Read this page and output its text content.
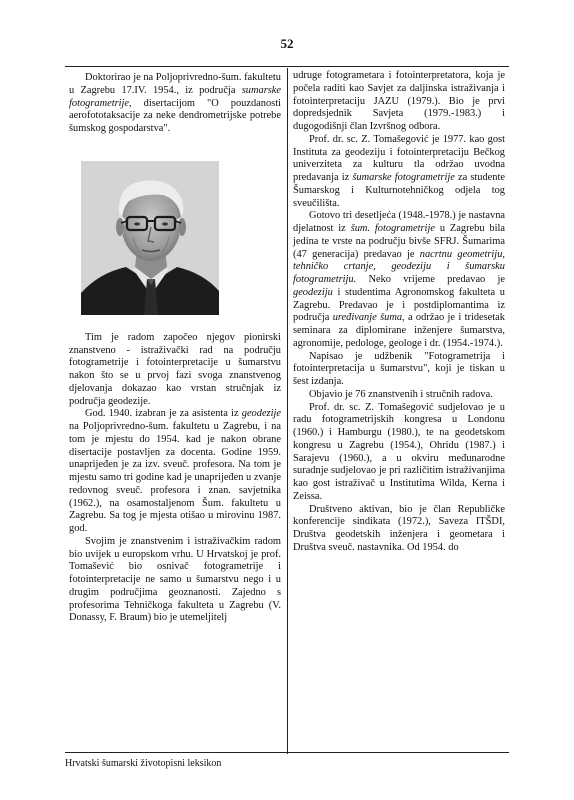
52

Doktorirao je na Poljoprivredno-šum. fakultetu u Zagrebu 17.IV. 1954., iz područja sumarske fotogrametrije, disertacijom "O pouzdanosti aerofototaksacije za neke dendrometrijske potrebe šumskog gospodarstva".

Tim je radom započeo njegov pionirski znanstveno - istraživački rad na području fotogrametrije i fotointerpretacije u šumarstvu nakon što se u prvoj fazi svoga znanstvenog djelovanja dokazao kao vrstan stručnjak iz područja geodezije.

God. 1940. izabran je za asistenta iz geodezije na Poljoprivredno-šum. fakultetu u Zagrebu, i na tom je mjestu do 1954. kad je nakon obrane disertacije postavljen za docenta. Godine 1959. unaprijeđen je za izv. sveuč. profesora. Na tom je mjestu samo tri godine kad je unaprijeđen u zvanje redovnog sveuč. profesora i znan. savjetnika (1962.), na osamostaljenom Šum. fakultetu u Zagrebu. Sa tog je mjesta otišao u mirovinu 1987. god.

Svojim je znanstvenim i istraživačkim radom bio uvijek u europskom vrhu. U Hrvatskoj je prof. Tomašević bio osnivač fotogrametrije i fotointerpretacije ne samo u šumarstvu nego i u drugim područjima geoznanosti. Zajedno s profesorima Tehničkoga fakulteta u Zagrebu (V. Donassy, F. Braum) bio je utemeljitelj

udruge fotogrametara i fotointerpretatora, koja je počela raditi kao Savjet za daljinska istraživanja i fotointerpretaciju JAZU (1979.). Bio je prvi dopredsjednik Savjeta (1979.-1983.) i dugogodišnji član Izvršnog odbora.

Prof. dr. sc. Z. Tomašegović je 1977. kao gost Instituta za geodeziju i fotointerpretaciju Bečkog univerziteta za kulturu tla održao uvodna predavanja iz šumarske fotogrametrije za studente Šumarskog i Kulturnotehničkog odjela tog sveučilišta.

Gotovo tri desetljeća (1948.-1978.) je nastavna djelatnost iz šum. fotogrametrije u Zagrebu bila jedina te vrste na području bivše SFRJ. Šumarima (47 generacija) predavao je nacrtnu geometriju, tehničko crtanje, geodeziju i šumarsku fotogrametriju. Neko vrijeme predavao je geodeziju i studentima Agronomskog fakulteta u Zagrebu. Predavao je i postdiplomantima iz područja uređivanje šuma, a održao je i tridesetak seminara za diplomirane inženjere šumarstva, agronomije, pedologe, geologe i dr. (1954.-1974.).

Napisao je udžbenik "Fotogrametrija i fotointerpretacija u šumarstvu", koji je tiskan u šest izdanja.

Objavio je 76 znanstvenih i stručnih radova.

Prof. dr. sc. Z. Tomašegović sudjelovao je u radu fotogrametrijskih kongresa u Londonu (1960.) i Hamburgu (1980.), te na geodetskom kongresu u Zagrebu (1954.), Ohridu (1987.) i Sarajevu (1960.), a u okviru međunarodne suradnje sudjelovao je pri različitim istraživanjima kao gost istraživač u Institutima Wilda, Kerna i Zeissa.

Društveno aktivan, bio je član Republičke konferencije sindikata (1972.), Saveza ITŠDI, Društva geodetskih inženjera i geometara i Društva sveuč. nastavnika. Od 1954. do

Hrvatski šumarski životopisni leksikon
